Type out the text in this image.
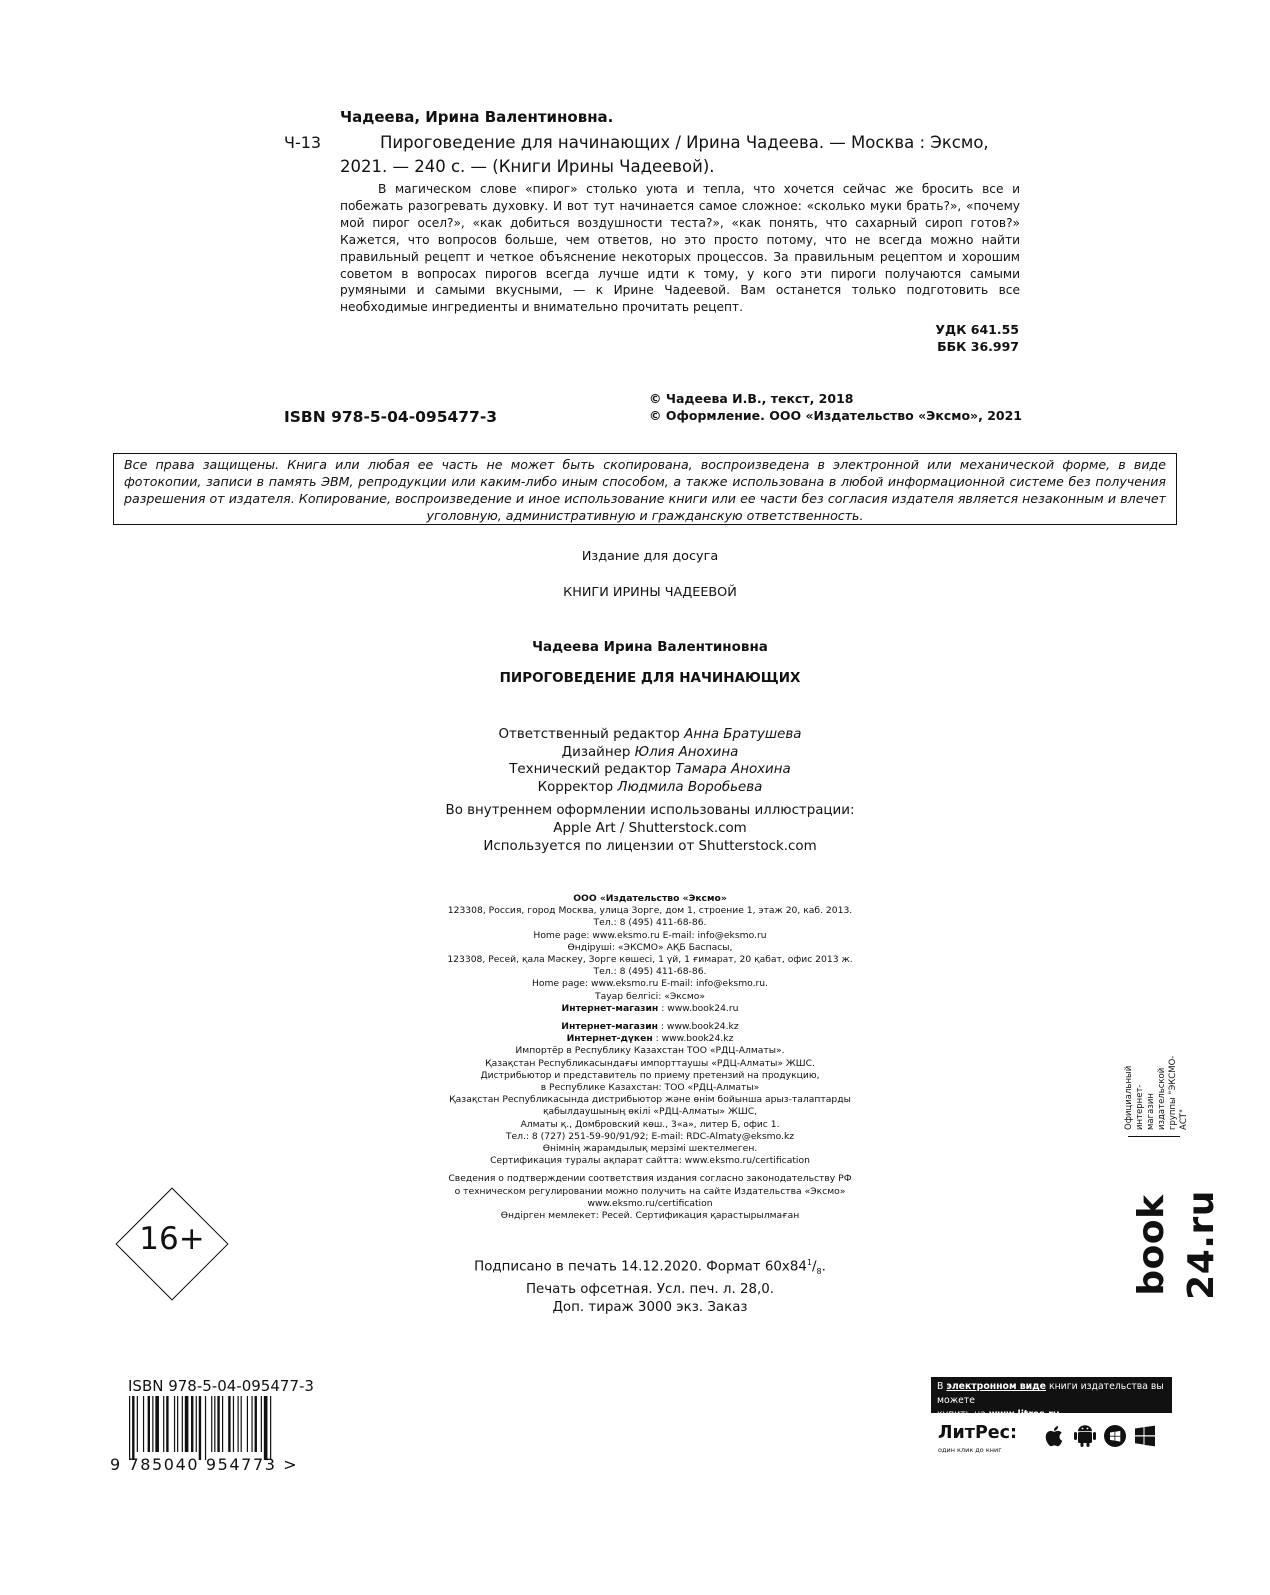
Чадеева, Ирина Валентиновна.
Ч-13	Пироговедение для начинающих / Ирина Чадеева. — Москва : Эксмо,
2021. — 240 с. — (Книги Ирины Чадеевой).
В магическом слове «пирог» столько уюта и тепла, что хочется сейчас же бросить все и побежать разогревать духовку. И вот тут начинается самое сложное: «сколько муки брать?», «почему мой пирог осел?», «как добиться воздушности теста?», «как понять, что сахарный сироп готов?» Кажется, что вопросов больше, чем ответов, но это просто потому, что не всегда можно найти правильный рецепт и четкое объяснение некоторых процессов. За правильным рецептом и хорошим советом в вопросах пирогов всегда лучше идти к тому, у кого эти пироги получаются самыми румяными и самыми вкусными, — к Ирине Чадеевой. Вам останется только подготовить все необходимые ингредиенты и внимательно прочитать рецепт.
УДК 641.55
ББК 36.997
ISBN 978-5-04-095477-3
© Чадеева И.В., текст, 2018
© Оформление. ООО «Издательство «Эксмо», 2021
Все права защищены. Книга или любая ее часть не может быть скопирована, воспроизведена в электронной или механической форме, в виде фотокопии, записи в память ЭВМ, репродукции или каким-либо иным способом, а также использована в любой информационной системе без получения разрешения от издателя. Копирование, воспроизведение и иное использование книги или ее части без согласия издателя является незаконным и влечет уголовную, административную и гражданскую ответственность.
Издание для досуга
КНИГИ ИРИНЫ ЧАДЕЕВОЙ
Чадеева Ирина Валентиновна
ПИРОГОВЕДЕНИЕ ДЛЯ НАЧИНАЮЩИХ
Ответственный редактор Анна Братушева
Дизайнер Юлия Анохина
Технический редактор Тамара Анохина
Корректор Людмила Воробьева
Во внутреннем оформлении использованы иллюстрации:
Apple Art / Shutterstock.com
Используется по лицензии от Shutterstock.com
ООО «Издательство «Эксмо»
123308, Россия, город Москва, улица Зорге, дом 1, строение 1, этаж 20, каб. 2013.
Тел.: 8 (495) 411-68-86.
Home page: www.eksmo.ru E-mail: info@eksmo.ru
Өндіруші: «ЭКСМО» АҚБ Баспасы,
123308, Ресей, қала Мәскеу, Зорге көшесі, 1 үй, 1 ғимарат, 20 қабат, офис 2013 ж.
Тел.: 8 (495) 411-68-86.
Home page: www.eksmo.ru E-mail: info@eksmo.ru.
Тауар белгісі: «Эксмо»
Интернет-магазин : www.book24.ru
Интернет-магазин : www.book24.kz
Интернет-дүкен : www.book24.kz
Импортёр в Республику Казахстан ТОО «РДЦ-Алматы».
Қазақстан Республикасындағы импорттаушы «РДЦ-Алматы» ЖШС.
Дистрибьютор и представитель по приему претензий на продукцию,
в Республике Казахстан: ТОО «РДЦ-Алматы»
Қазақстан Республикасында дистрибьютор және өнім бойынша арыз-талаптарды
қабылдаушының өкілі «РДЦ-Алматы» ЖШС,
Алматы қ., Домбровский көш., 3«а», литер Б, офис 1.
Тел.: 8 (727) 251-59-90/91/92; E-mail: RDC-Almaty@eksmo.kz
Өнімнің жарамдылық мерзімі шектелмеген.
Сертификация туралы ақпарат сайтта: www.eksmo.ru/certification
Сведения о подтверждении соответствия издания согласно законодательству РФ
о техническом регулировании можно получить на сайте Издательства «Эксмо»
www.eksmo.ru/certification
Өндірген мемлекет: Ресей. Сертификация қарастырылмаған
Подписано в печать 14.12.2020. Формат $60x84^1/_8$.
Печать офсетная. Усл. печ. л. 28,0.
Доп. тираж 3000 экз. Заказ
16+
Официальный интернет-магазин издательской группы "ЭКСМО-АСТ"
book 24.ru
ISBN 978-5-04-095477-3
9 785040 954773 >
В электронном виде книги издательства вы можете
купить на www.litres.ru
ЛитРес:
один клик до книг
